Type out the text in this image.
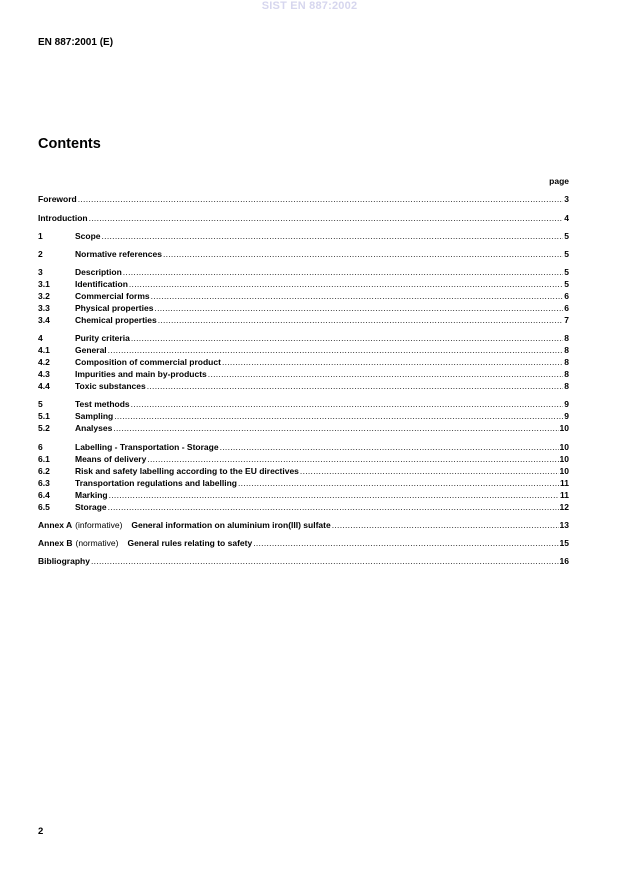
SIST EN 887:2002
EN 887:2001 (E)
Contents
page
Foreword .....	3
Introduction .....	4
1	Scope .....	5
2	Normative references .....	5
3	Description .....	5
3.1	Identification .....	5
3.2	Commercial forms .....	6
3.3	Physical properties .....	6
3.4	Chemical properties .....	7
4	Purity criteria .....	8
4.1	General .....	8
4.2	Composition of commercial product .....	8
4.3	Impurities and main by-products .....	8
4.4	Toxic substances .....	8
5	Test methods .....	9
5.1	Sampling .....	9
5.2	Analyses .....	10
6	Labelling - Transportation - Storage .....	10
6.1	Means of delivery .....	10
6.2	Risk and safety labelling according to the EU directives .....	10
6.3	Transportation regulations and labelling .....	11
6.4	Marking .....	11
6.5	Storage .....	12
Annex A (informative) General information on aluminium iron(III) sulfate .....	13
Annex B (normative) General rules relating to safety .....	15
Bibliography .....	16
2
